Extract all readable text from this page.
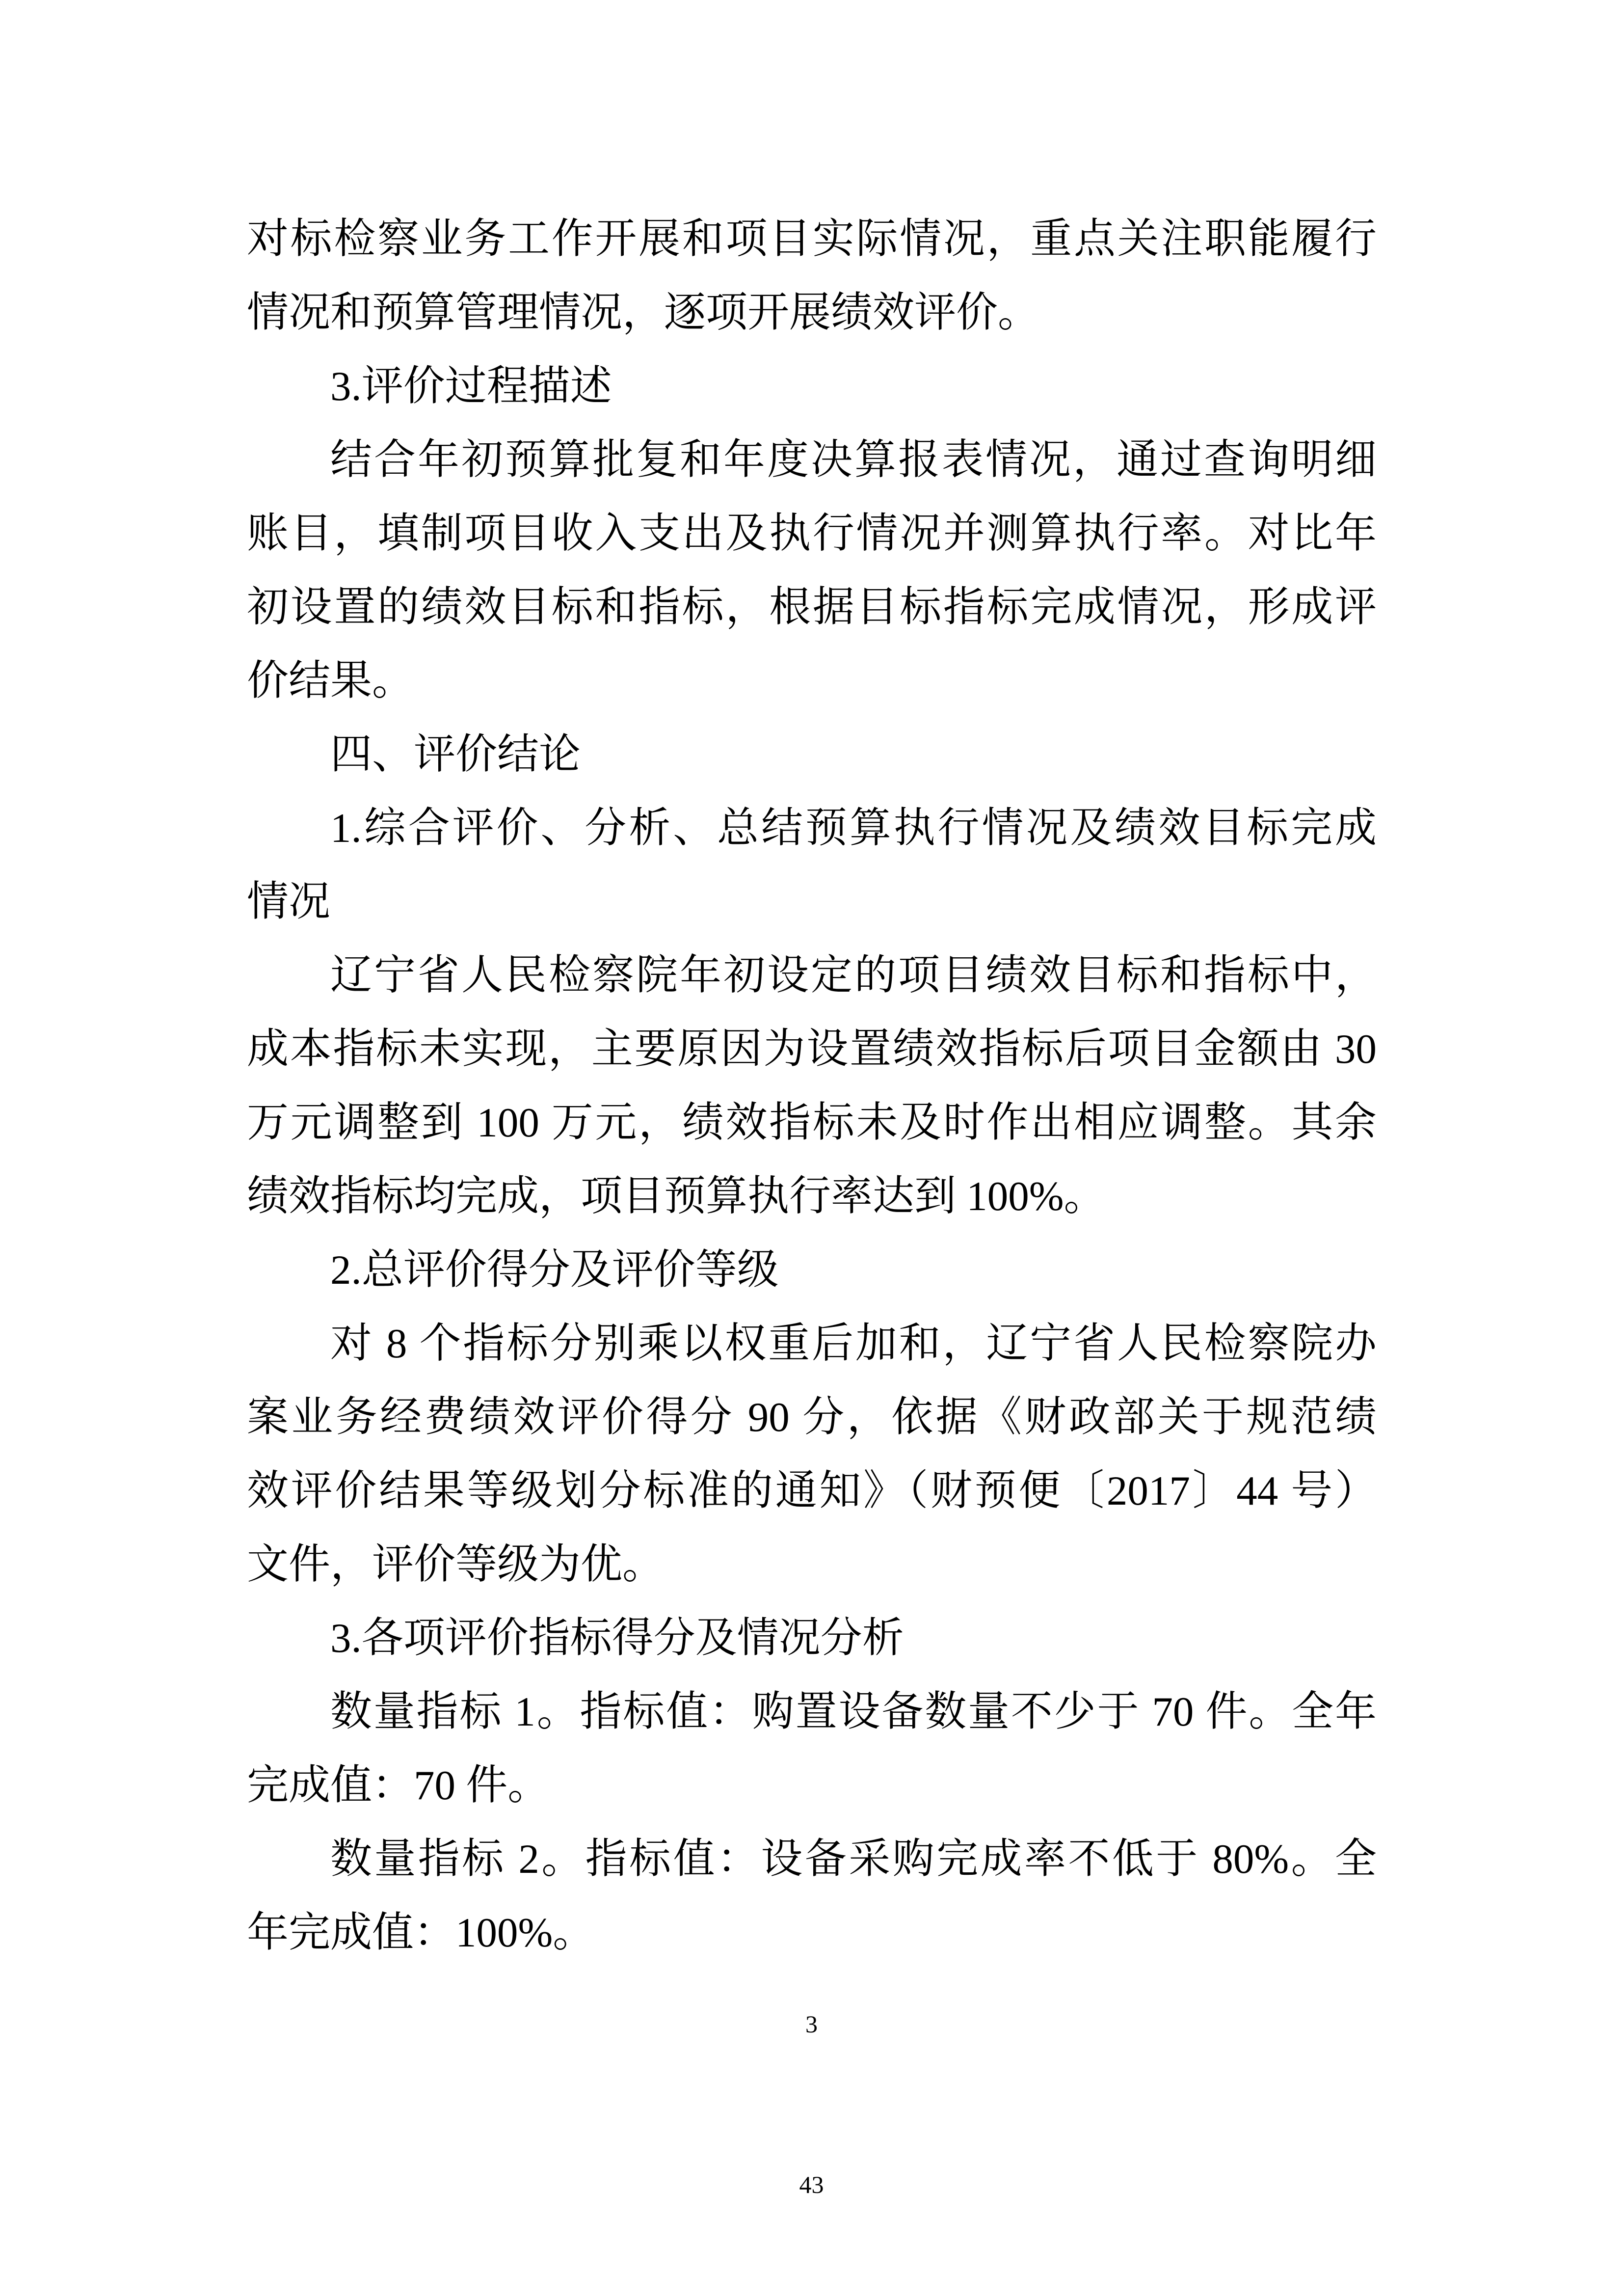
对标检察业务工作开展和项目实际情况，重点关注职能履行
情况和预算管理情况，逐项开展绩效评价。
3.评价过程描述
结合年初预算批复和年度决算报表情况，通过查询明细
账目，填制项目收入支出及执行情况并测算执行率。对比年
初设置的绩效目标和指标，根据目标指标完成情况，形成评
价结果。
四、评价结论
1.综合评价、分析、总结预算执行情况及绩效目标完成
情况
辽宁省人民检察院年初设定的项目绩效目标和指标中，
成本指标未实现，主要原因为设置绩效指标后项目金额由 30
万元调整到 100 万元，绩效指标未及时作出相应调整。其余
绩效指标均完成，项目预算执行率达到 100%。
2.总评价得分及评价等级
对 8 个指标分别乘以权重后加和，辽宁省人民检察院办
案业务经费绩效评价得分 90 分，依据《财政部关于规范绩
效评价结果等级划分标准的通知》（财预便〔2017〕44 号）
文件，评价等级为优。
3.各项评价指标得分及情况分析
数量指标 1。指标值：购置设备数量不少于 70 件。全年
完成值：70 件。
数量指标 2。指标值：设备采购完成率不低于 80%。全
年完成值：100%。
3
43
